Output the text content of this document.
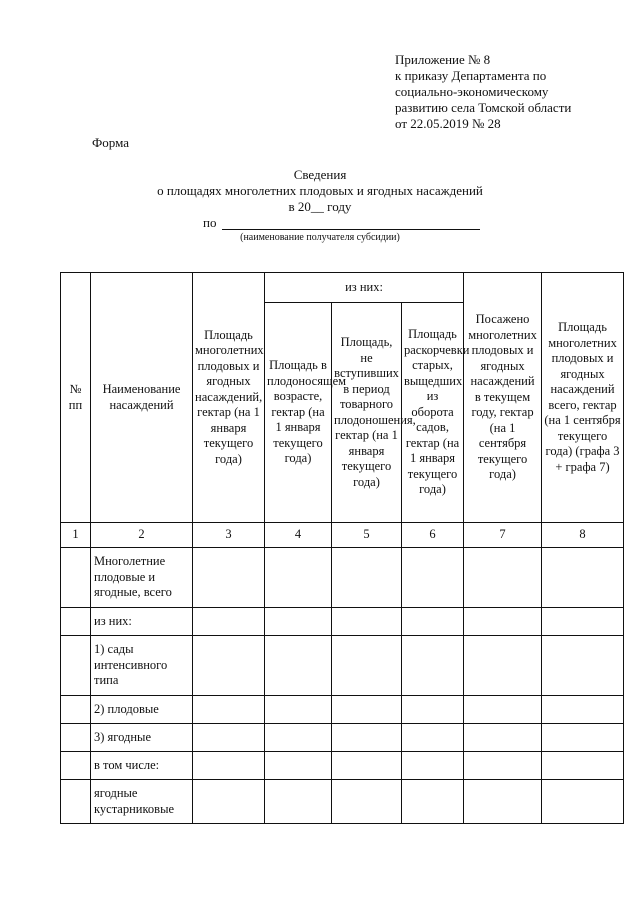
Приложение № 8
к приказу Департамента по
социально-экономическому
развитию села Томской области
от 22.05.2019 № 28
Форма
Сведения
о площадях многолетних плодовых и ягодных насаждений
в 20__ году
по
(наименование получателя субсидии)
№ пп	Наименование насаждений	Площадь многолетних плодовых и ягодных насаждений, гектар (на 1 января текущего года)	из них:			Посажено многолетних плодовых и ягодных насаждений в текущем году, гектар (на 1 сентября текущего года)	Площадь многолетних плодовых и ягодных насаждений всего, гектар (на 1 сентября текущего года) (графа 3 + графа 7)
			Площадь в плодоносящем возрасте, гектар (на 1 января текущего года)	Площадь, не вступивших в период товарного плодоношения, гектар (на 1 января текущего года)	Площадь раскорчевки старых, выщедших из оборота садов, гектар (на 1 января текущего года)		
1	2	3	4	5	6	7	8
	Многолетние плодовые и ягодные, всего						
	из них:						
	1) сады интенсивного типа						
	2) плодовые						
	3) ягодные						
	в том числе:						
	ягодные кустарниковые						
